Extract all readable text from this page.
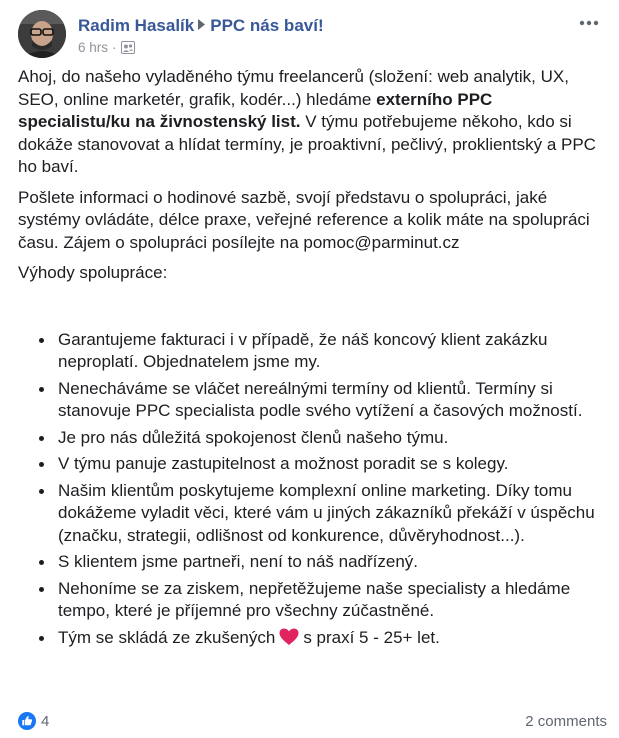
Radim Hasalík PPC nás baví!
6 hrs ·

Ahoj, do našeho vyladěného týmu freelancerů (složení: web analytik, UX, SEO, online marketér, grafik, kodér...) hledáme externího PPC specialistu/ku na živnostenský list. V týmu potřebujeme někoho, kdo si dokáže stanovovat a hlídat termíny, je proaktivní, pečlivý, proklientský a PPC ho baví.

Pošlete informaci o hodinové sazbě, svojí představu o spolupráci, jaké systémy ovládáte, délce praxe, veřejné reference a kolik máte na spolupráci času. Zájem o spolupráci posílejte na pomoc@parminut.cz

Výhody spolupráce:

Garantujeme fakturaci i v případě, že náš koncový klient zakázku neproplatí. Objednatelem jsme my.
Nenecháváme se vláčet nereálnými termíny od klientů. Termíny si stanovuje PPC specialista podle svého vytížení a časových možností.
Je pro nás důležitá spokojenost členů našeho týmu.
V týmu panuje zastupitelnost a možnost poradit se s kolegy.
Našim klientům poskytujeme komplexní online marketing. Díky tomu dokážeme vyladit věci, které vám u jiných zákazníků překáží v úspěchu (značku, strategii, odlišnost od konkurence, důvěryhodnost...).
S klientem jsme partneři, není to náš nadřízený.
Nehoníme se za ziskem, nepřetěžujeme naše specialisty a hledáme tempo, které je příjemné pro všechny zúčastněné.
Tým se skládá ze zkušených s praxí 5 - 25+ let.
4	2 comments
